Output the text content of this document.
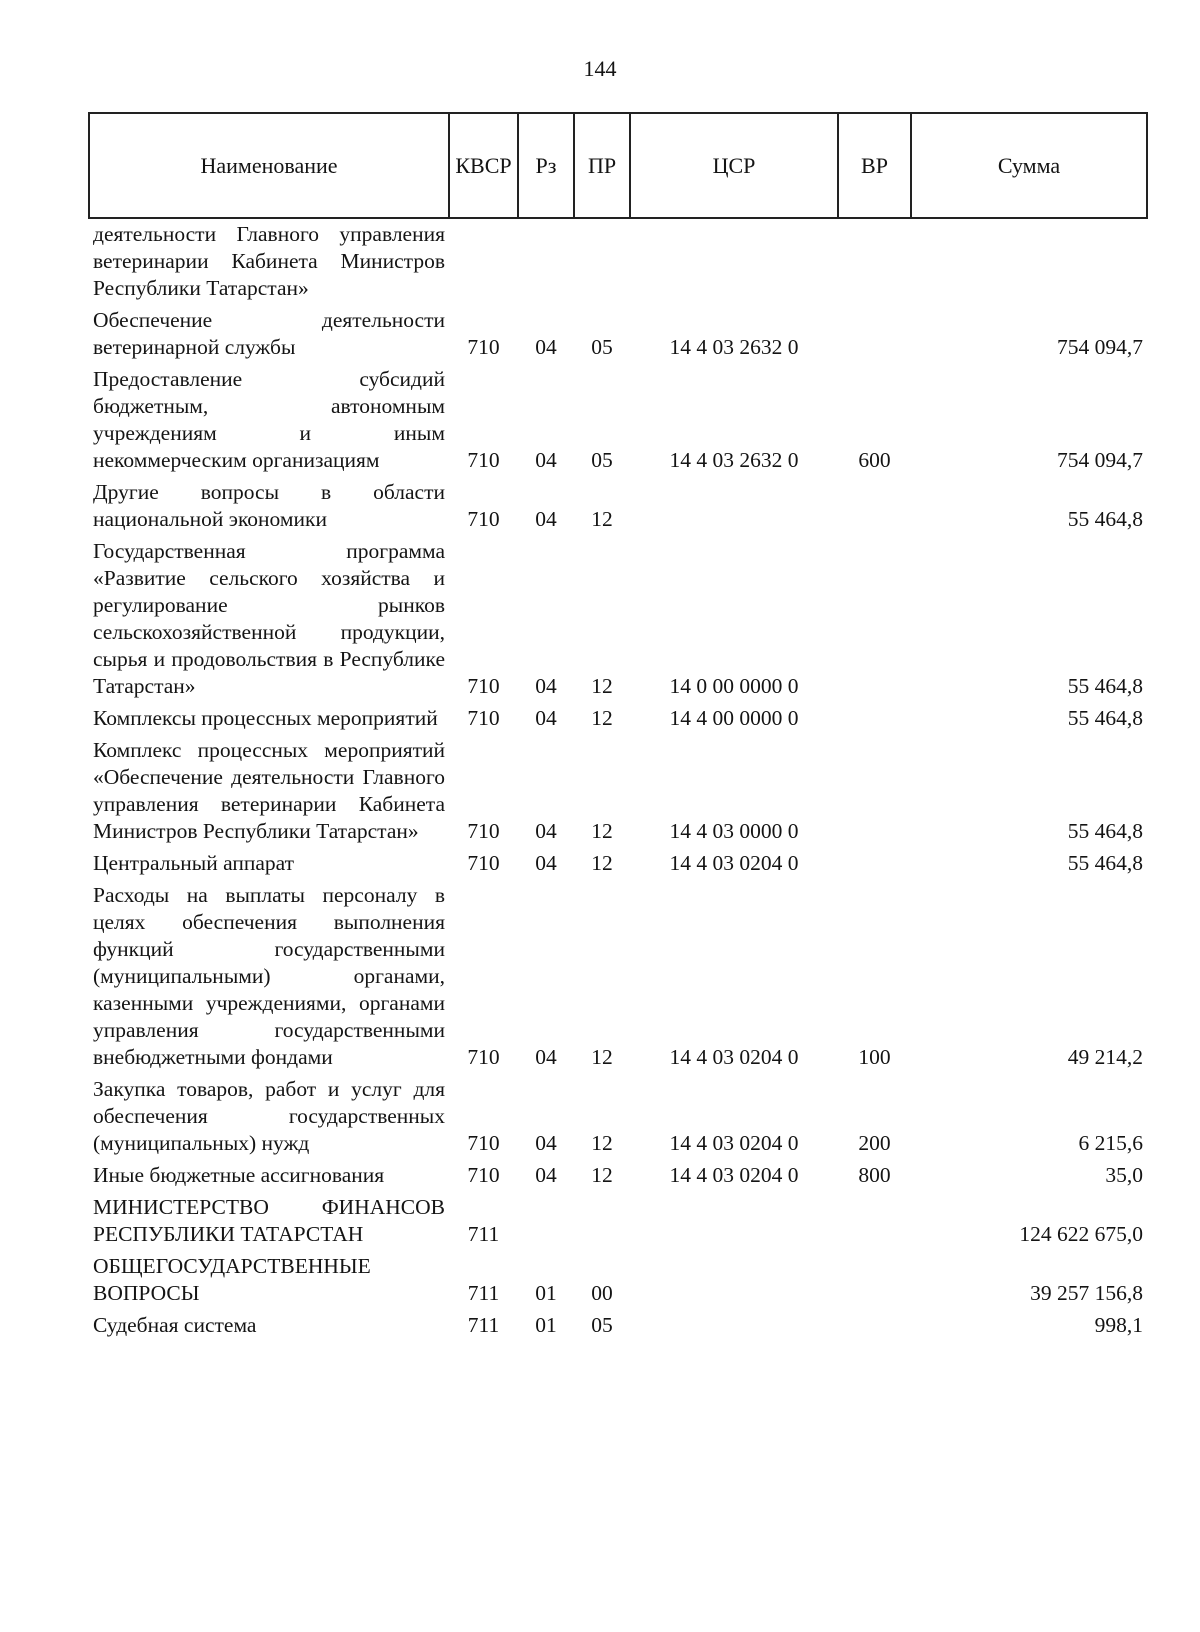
144
Наименование	КВСР	Рз	ПР	ЦСР	ВР	Сумма
деятельности Главного управления ветеринарии Кабинета Министров Республики Татарстан»						
Обеспечение деятельности ветеринарной службы	710	04	05	14 4 03 2632 0		754 094,7
Предоставление субсидий бюджетным, автономным учреждениям и иным некоммерческим организациям	710	04	05	14 4 03 2632 0	600	754 094,7
Другие вопросы в области национальной экономики	710	04	12			55 464,8
Государственная программа «Развитие сельского хозяйства и регулирование рынков сельскохозяйственной продукции, сырья и продовольствия в Республике Татарстан»	710	04	12	14 0 00 0000 0		55 464,8
Комплексы процессных мероприятий	710	04	12	14 4 00 0000 0		55 464,8
Комплекс процессных мероприятий «Обеспечение деятельности Главного управления ветеринарии Кабинета Министров Республики Татарстан»	710	04	12	14 4 03 0000 0		55 464,8
Центральный аппарат	710	04	12	14 4 03 0204 0		55 464,8
Расходы на выплаты персоналу в целях обеспечения выполнения функций государственными (муниципальными) органами, казенными учреждениями, органами управления государственными внебюджетными фондами	710	04	12	14 4 03 0204 0	100	49 214,2
Закупка товаров, работ и услуг для обеспечения государственных (муниципальных) нужд	710	04	12	14 4 03 0204 0	200	6 215,6
Иные бюджетные ассигнования	710	04	12	14 4 03 0204 0	800	35,0
МИНИСТЕРСТВО ФИНАНСОВ РЕСПУБЛИКИ ТАТАРСТАН	711					124 622 675,0
ОБЩЕГОСУДАРСТВЕННЫЕ ВОПРОСЫ	711	01	00			39 257 156,8
Судебная система	711	01	05			998,1
